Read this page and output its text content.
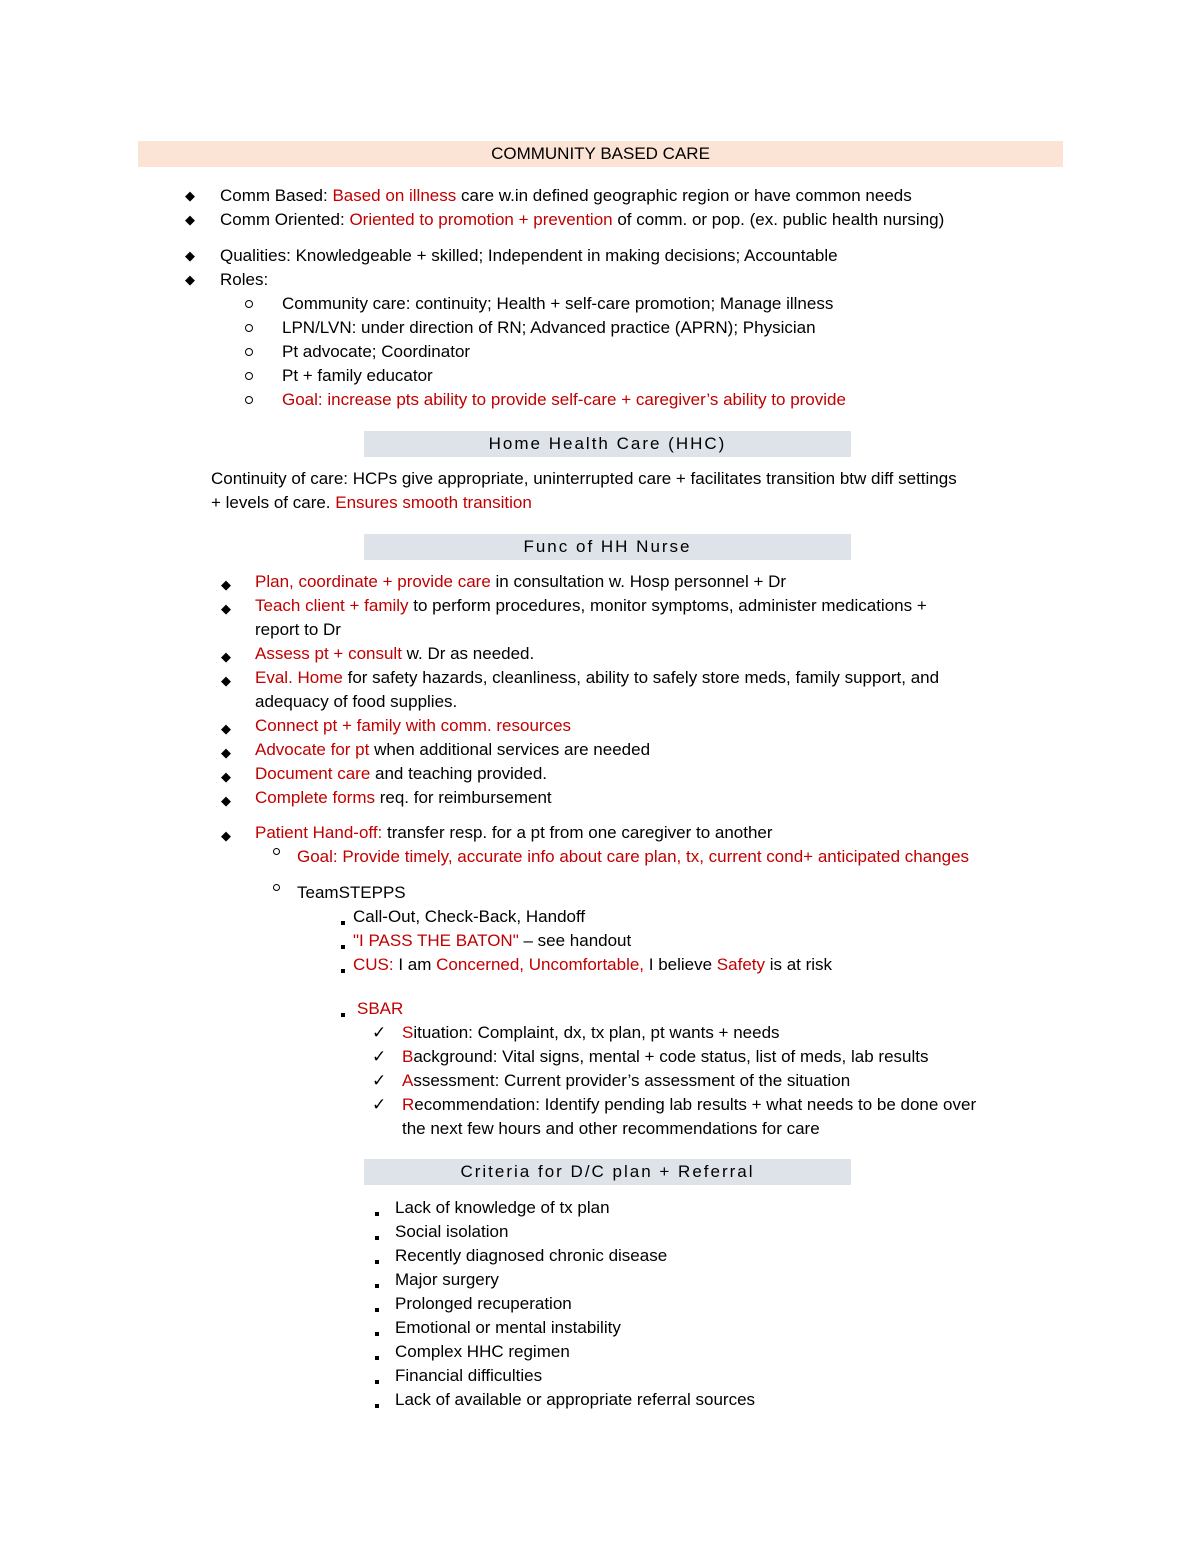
COMMUNITY BASED CARE
◆ Comm Based: Based on illness care w.in defined geographic region or have common needs
◆ Comm Oriented: Oriented to promotion + prevention of comm. or pop. (ex. public health nursing)
◆ Qualities: Knowledgeable + skilled; Independent in making decisions; Accountable
◆ Roles:
Community care: continuity; Health + self-care promotion; Manage illness
LPN/LVN: under direction of RN; Advanced practice (APRN); Physician
Pt advocate; Coordinator
Pt + family educator
Goal: increase pts ability to provide self-care + caregiver’s ability to provide
Home Health Care (HHC)
Continuity of care: HCPs give appropriate, uninterrupted care + facilitates transition btw diff settings
+ levels of care. Ensures smooth transition
Func of HH Nurse
◆ Plan, coordinate + provide care in consultation w. Hosp personnel + Dr
◆ Teach client + family to perform procedures, monitor symptoms, administer medications +
report to Dr
◆ Assess pt + consult w. Dr as needed.
◆ Eval. Home for safety hazards, cleanliness, ability to safely store meds, family support, and
adequacy of food supplies.
◆ Connect pt + family with comm. resources
◆ Advocate for pt when additional services are needed
◆ Document care and teaching provided.
◆ Complete forms req. for reimbursement
◆ Patient Hand-off: transfer resp. for a pt from one caregiver to another
Goal: Provide timely, accurate info about care plan, tx, current cond+ anticipated changes
TeamSTEPPS
Call-Out, Check-Back, Handoff
"I PASS THE BATON" – see handout
CUS: I am Concerned, Uncomfortable, I believe Safety is at risk
SBAR
✓ Situation: Complaint, dx, tx plan, pt wants + needs
✓ Background: Vital signs, mental + code status, list of meds, lab results
✓ Assessment: Current provider’s assessment of the situation
✓ Recommendation: Identify pending lab results + what needs to be done over
the next few hours and other recommendations for care
Criteria for D/C plan + Referral
Lack of knowledge of tx plan
Social isolation
Recently diagnosed chronic disease
Major surgery
Prolonged recuperation
Emotional or mental instability
Complex HHC regimen
Financial difficulties
Lack of available or appropriate referral sources
